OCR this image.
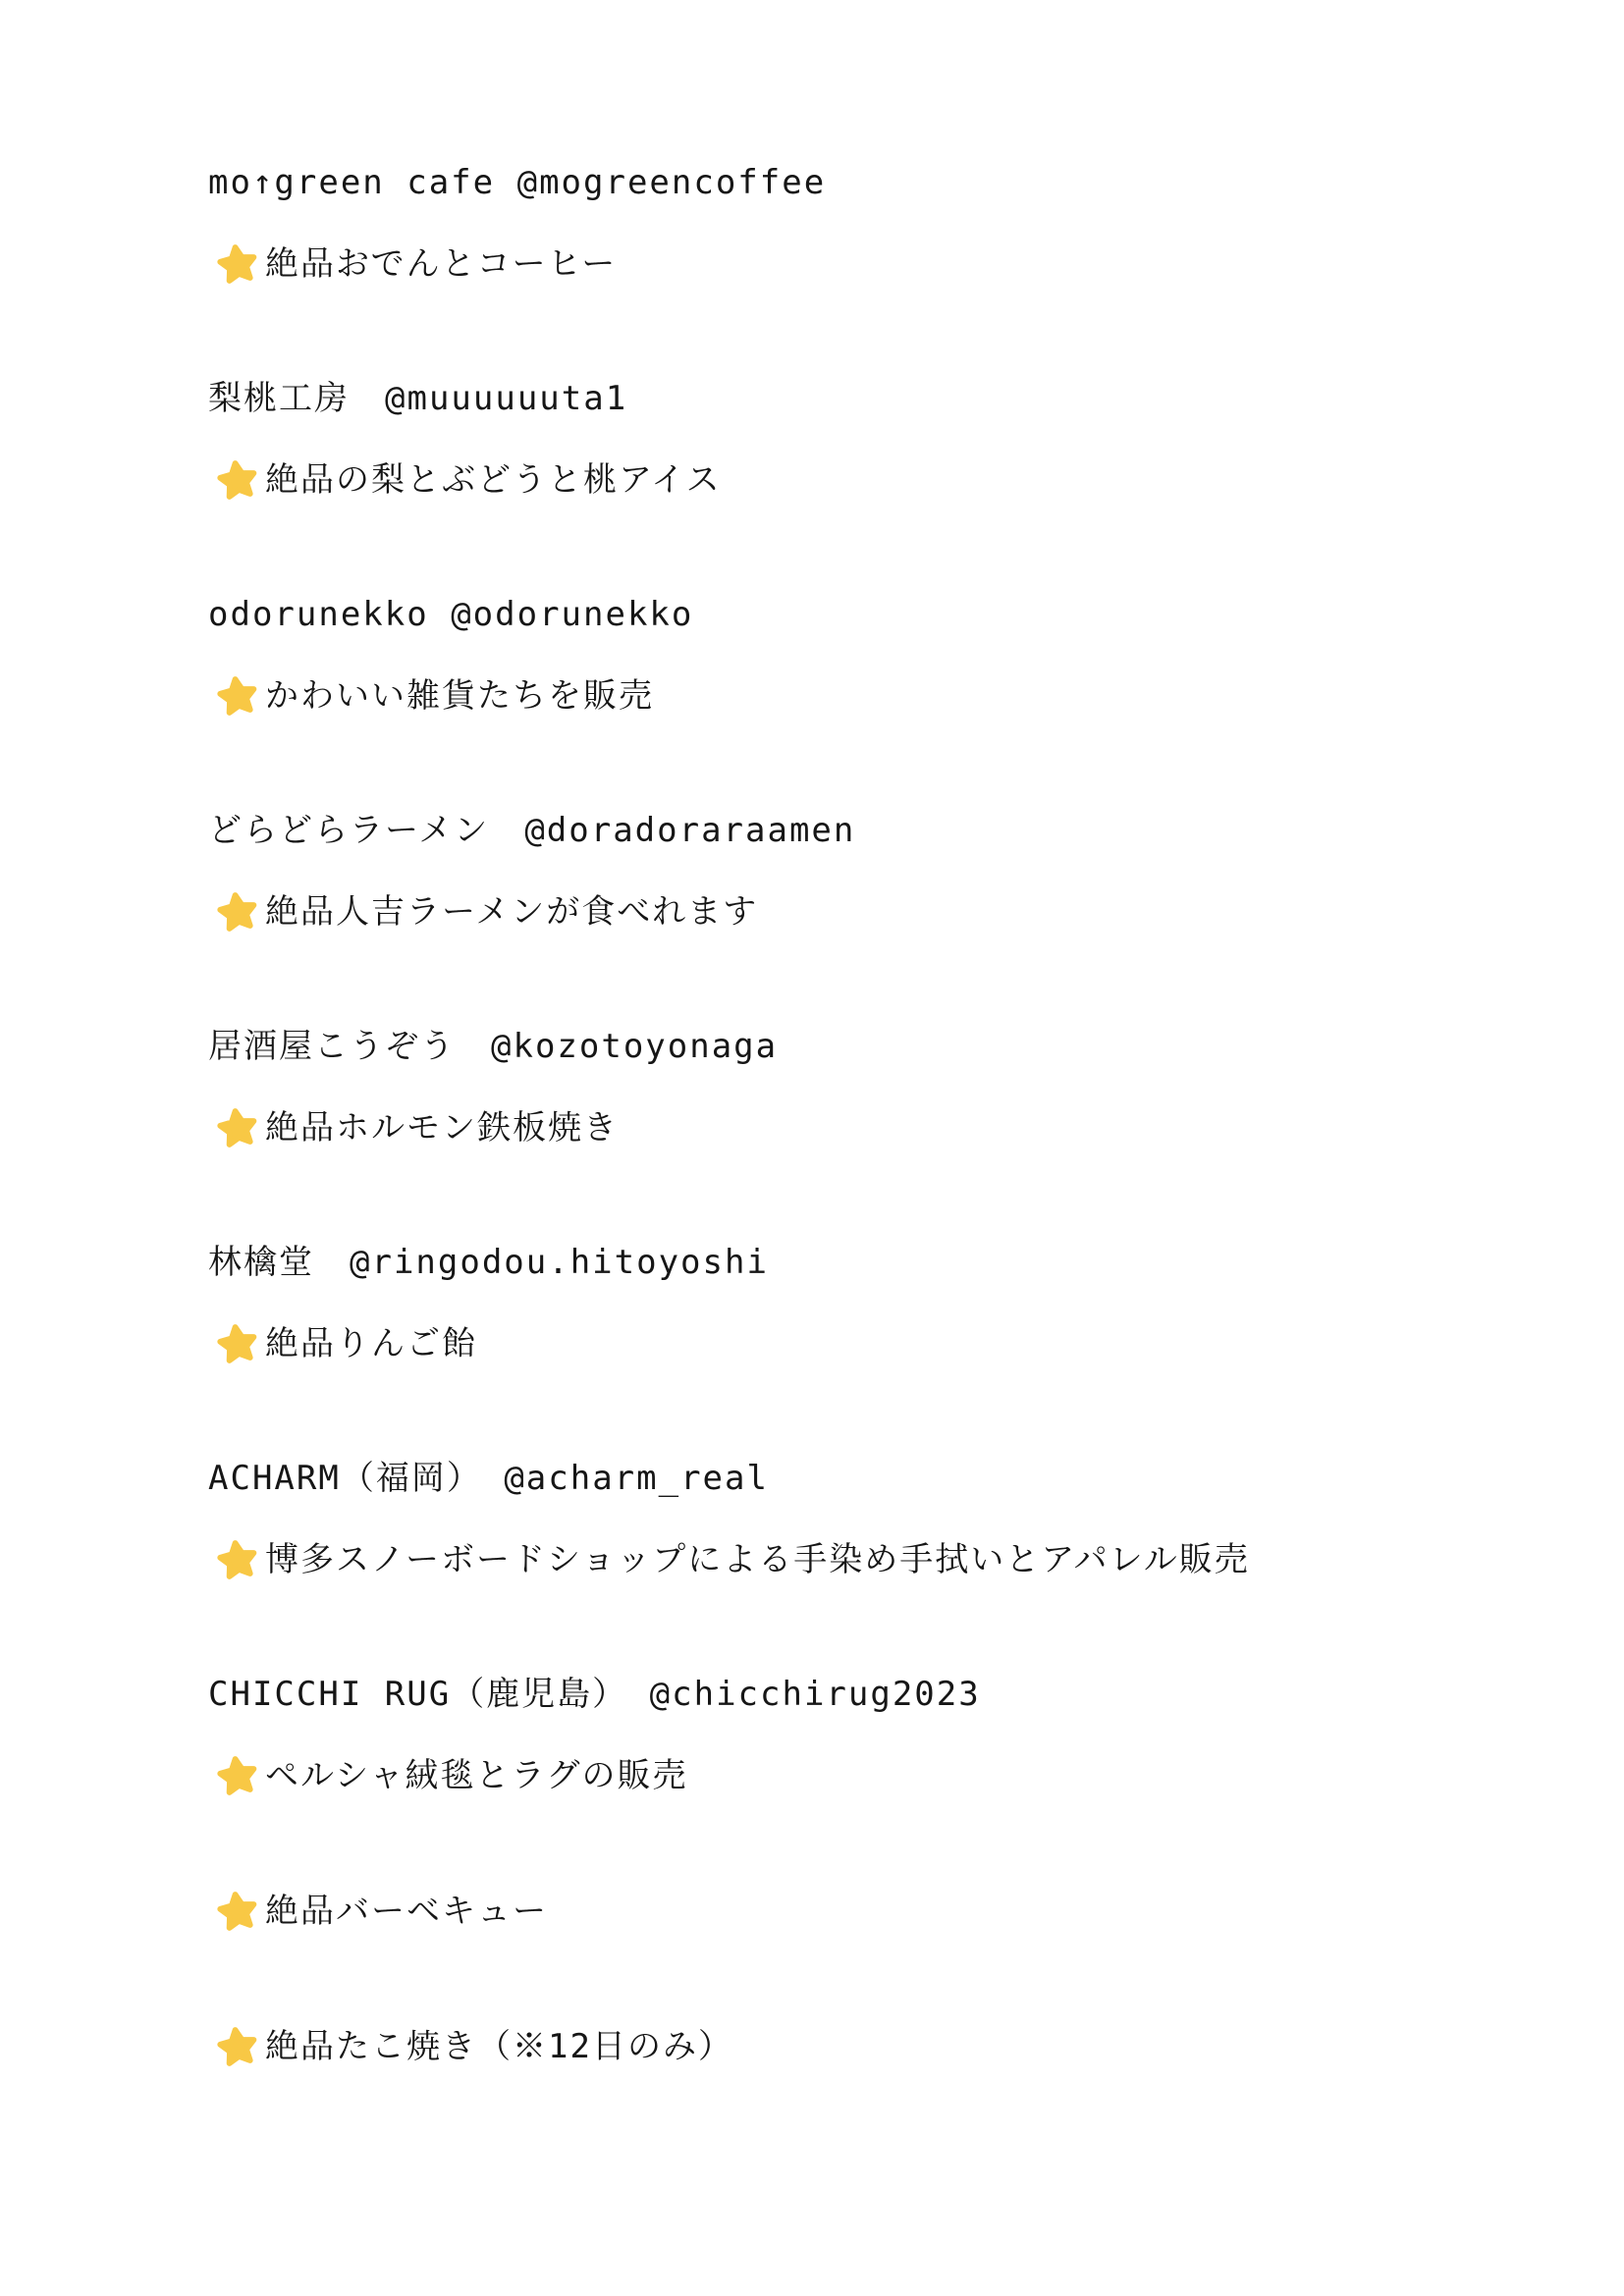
mo↑green cafe @mogreencoffee
絶品おでんとコーヒー
梨桃工房　 @muuuuuuta1
絶品の梨とぶどうと桃アイス
odorunekko @odorunekko
かわいい雑貨たちを販売
どらどらラーメン　 @doradoraraamen
絶品人吉ラーメンが食べれます
居酒屋こうぞう　 @kozotoyonaga
絶品ホルモン鉄板焼き
林檎堂　 @ringodou.hitoyoshi
絶品りんご飴
ACHARM（福岡） @acharm_real
博多スノーボードショップによる手染め手拭いとアパレル販売
CHICCHI RUG（鹿児島） @chicchirug2023
ペルシャ絨毯とラグの販売
絶品バーベキュー
絶品たこ焼き（※12日のみ）
